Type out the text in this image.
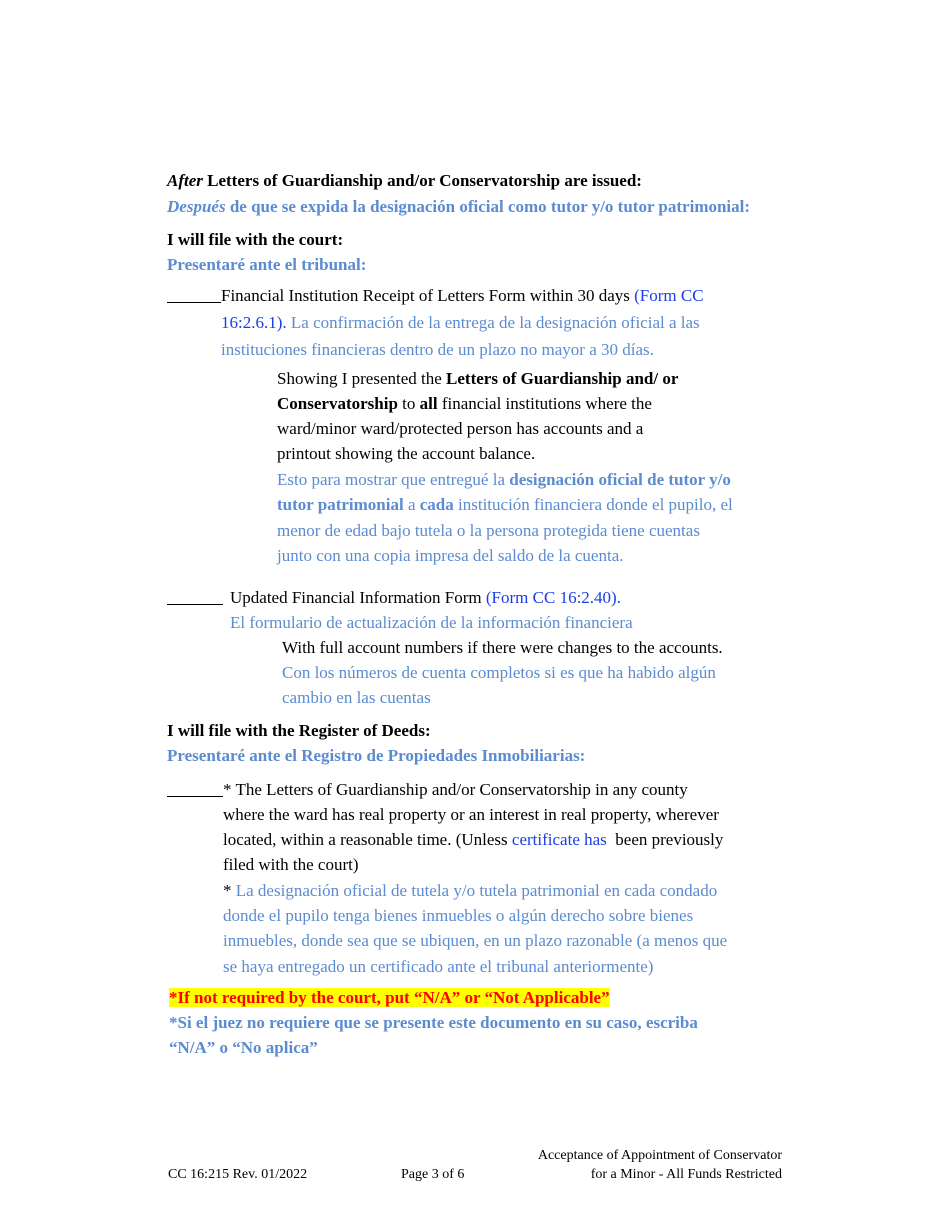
After Letters of Guardianship and/or Conservatorship are issued:
Después de que se expida la designación oficial como tutor y/o tutor patrimonial:
I will file with the court:
Presentaré ante el tribunal:
Financial Institution Receipt of Letters Form within 30 days (Form CC
16:2.6.1). La confirmación de la entrega de la designación oficial a las
instituciones financieras dentro de un plazo no mayor a 30 días.
Showing I presented the Letters of Guardianship and/ or
Conservatorship to all financial institutions where the
ward/minor ward/protected person has accounts and a
printout showing the account balance.
Esto para mostrar que entregué la designación oficial de tutor y/o
tutor patrimonial a cada institución financiera donde el pupilo, el
menor de edad bajo tutela o la persona protegida tiene cuentas
junto con una copia impresa del saldo de la cuenta.
Updated Financial Information Form (Form CC 16:2.40).
El formulario de actualización de la información financiera
With full account numbers if there were changes to the accounts.
Con los números de cuenta completos si es que ha habido algún
cambio en las cuentas
I will file with the Register of Deeds:
Presentaré ante el Registro de Propiedades Inmobiliarias:
* The Letters of Guardianship and/or Conservatorship in any county
where the ward has real property or an interest in real property, wherever
located, within a reasonable time. (Unless certificate has  been previously
filed with the court)
* La designación oficial de tutela y/o tutela patrimonial en cada condado
donde el pupilo tenga bienes inmuebles o algún derecho sobre bienes
inmuebles, donde sea que se ubiquen, en un plazo razonable (a menos que
se haya entregado un certificado ante el tribunal anteriormente)
*If not required by the court, put “N/A” or “Not Applicable”
*Si el juez no requiere que se presente este documento en su caso, escriba
“N/A” o “No aplica”
CC 16:215 Rev. 01/2022	Page 3 of 6
Acceptance of Appointment of Conservator
for a Minor - All Funds Restricted
